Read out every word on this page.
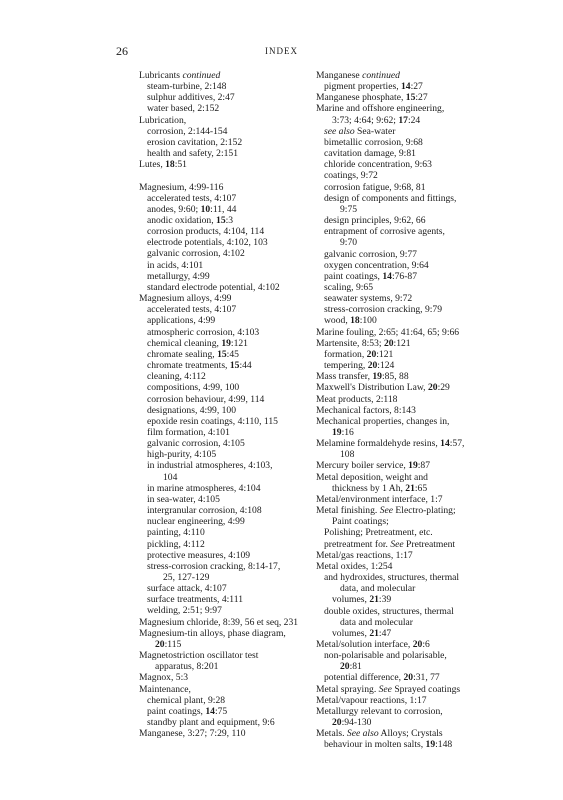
26	INDEX
Lubricants continued
steam-turbine, 2:148
sulphur additives, 2:47
water based, 2:152
Lubrication,
corrosion, 2:144-154
erosion cavitation, 2:152
health and safety, 2:151
Lutes, 18:51
Magnesium, 4:99-116
accelerated tests, 4:107
anodes, 9:60; 10:11, 44
anodic oxidation, 15:3
corrosion products, 4:104, 114
electrode potentials, 4:102, 103
galvanic corrosion, 4:102
in acids, 4:101
metallurgy, 4:99
standard electrode potential, 4:102
Magnesium alloys, 4:99
accelerated tests, 4:107
applications, 4:99
atmospheric corrosion, 4:103
chemical cleaning, 19:121
chromate sealing, 15:45
chromate treatments, 15:44
cleaning, 4:112
compositions, 4:99, 100
corrosion behaviour, 4:99, 114
designations, 4:99, 100
epoxide resin coatings, 4:110, 115
film formation, 4:101
galvanic corrosion, 4:105
high-purity, 4:105
in industrial atmospheres, 4:103,
104
in marine atmospheres, 4:104
in sea-water, 4:105
intergranular corrosion, 4:108
nuclear engineering, 4:99
painting, 4:110
pickling, 4:112
protective measures, 4:109
stress-corrosion cracking, 8:14-17,
25, 127-129
surface attack, 4:107
surface treatments, 4:111
welding, 2:51; 9:97
Magnesium chloride, 8:39, 56 et seq, 231
Magnesium-tin alloys, phase diagram,
20:115
Magnetostriction oscillator test
apparatus, 8:201
Magnox, 5:3
Maintenance,
chemical plant, 9:28
paint coatings, 14:75
standby plant and equipment, 9:6
Manganese, 3:27; 7:29, 110
Manganese continued
pigment properties, 14:27
Manganese phosphate, 15:27
Marine and offshore engineering,
3:73; 4:64; 9:62; 17:24
see also Sea-water
bimetallic corrosion, 9:68
cavitation damage, 9:81
chloride concentration, 9:63
coatings, 9:72
corrosion fatigue, 9:68, 81
design of components and fittings,
9:75
design principles, 9:62, 66
entrapment of corrosive agents,
9:70
galvanic corrosion, 9:77
oxygen concentration, 9:64
paint coatings, 14:76-87
scaling, 9:65
seawater systems, 9:72
stress-corrosion cracking, 9:79
wood, 18:100
Marine fouling, 2:65; 41:64, 65; 9:66
Martensite, 8:53; 20:121
formation, 20:121
tempering, 20:124
Mass transfer, 19:85, 88
Maxwell's Distribution Law, 20:29
Meat products, 2:118
Mechanical factors, 8:143
Mechanical properties, changes in,
19:16
Melamine formaldehyde resins, 14:57,
108
Mercury boiler service, 19:87
Metal deposition, weight and
thickness by 1 Ah, 21:65
Metal/environment interface, 1:7
Metal finishing. See Electro-plating;
Paint coatings;
Polishing; Pretreatment, etc.
pretreatment for. See Pretreatment
Metal/gas reactions, 1:17
Metal oxides, 1:254
and hydroxides, structures, thermal
data, and molecular
volumes, 21:39
double oxides, structures, thermal
data and molecular
volumes, 21:47
Metal/solution interface, 20:6
non-polarisable and polarisable,
20:81
potential difference, 20:31, 77
Metal spraying. See Sprayed coatings
Metal/vapour reactions, 1:17
Metallurgy relevant to corrosion,
20:94-130
Metals. See also Alloys; Crystals
behaviour in molten salts, 19:148
